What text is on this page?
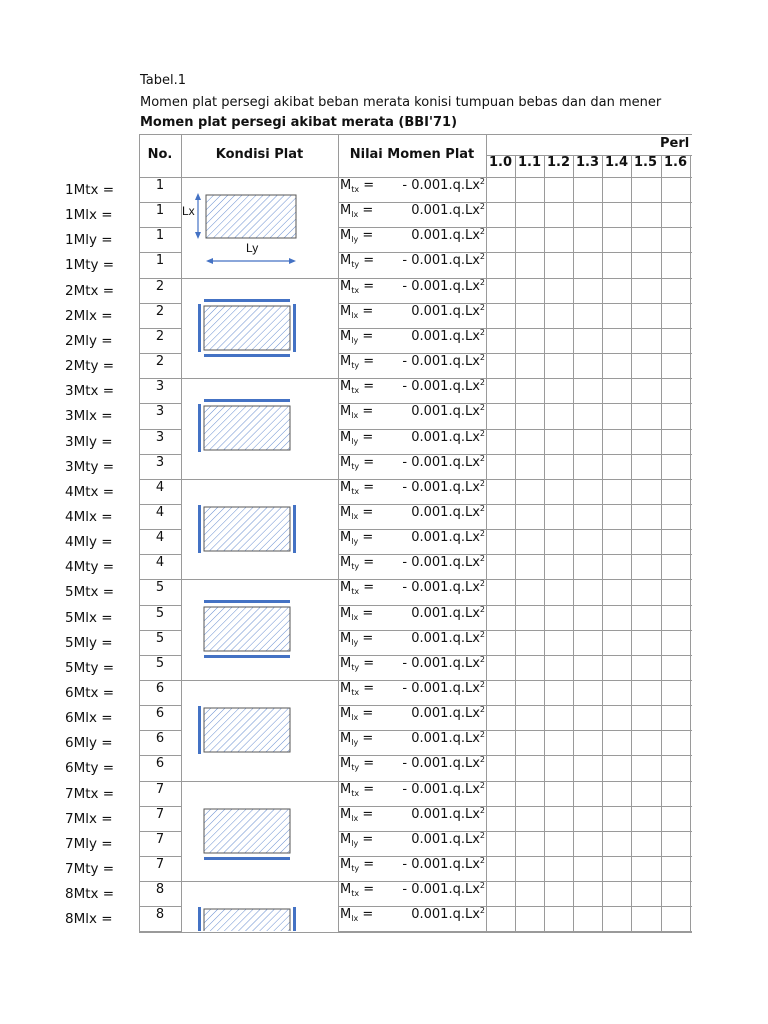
Tabel.1
Momen plat persegi akibat beban merata konisi tumpuan bebas dan dan mener
Momen plat persegi akibat merata (BBI'71)
No.	Kondisi Plat	Nilai Momen Plat
Perl
1.0 1.1 1.2 1.3 1.4 1.5 1.6
1	$M_{tx}$ = - 0.001.q.Lx$^2$
1	$M_{lx}$ =	$0.001.q.Lx^2$
1	$M_{ly}$ =	$0.001.q.Lx^2$
1	$M_{ty}$ = - 0.001.q.Lx$^2$
2	$M_{tx}$ = - 0.001.q.Lx$^2$
2	$M_{lx}$ =	$0.001.q.Lx^2$
2	$M_{ly}$ =	$0.001.q.Lx^2$
2	$M_{ty}$ = - 0.001.q.Lx$^2$
3	$M_{tx}$ = - 0.001.q.Lx$^2$
3	$M_{lx}$ =	$0.001.q.Lx^2$
3	$M_{ly}$ =	$0.001.q.Lx^2$
3	$M_{ty}$ = - 0.001.q.Lx$^2$
4	$M_{tx}$ = - 0.001.q.Lx$^2$
4	$M_{lx}$ =	$0.001.q.Lx^2$
4	$M_{ly}$ =	$0.001.q.Lx^2$
4	$M_{ty}$ = - 0.001.q.Lx$^2$
5	$M_{tx}$ = - 0.001.q.Lx$^2$
5	$M_{lx}$ =	$0.001.q.Lx^2$
5	$M_{ly}$ =	$0.001.q.Lx^2$
5	$M_{ty}$ = - 0.001.q.Lx$^2$
6	$M_{tx}$ = - 0.001.q.Lx$^2$
6	$M_{lx}$ =	$0.001.q.Lx^2$
6	$M_{ly}$ =	$0.001.q.Lx^2$
6	$M_{ty}$ = - 0.001.q.Lx$^2$
7	$M_{tx}$ = - 0.001.q.Lx$^2$
7	$M_{lx}$ =	$0.001.q.Lx^2$
7	$M_{ly}$ =	$0.001.q.Lx^2$
7	$M_{ty}$ = - 0.001.q.Lx$^2$
8	$M_{tx}$ = - 0.001.q.Lx$^2$
8	$M_{lx}$ =	$0.001.q.Lx^2$
Lx
Ly
1Mtx =
1Mlx =
1Mly =
1Mty =
2Mtx =
2Mlx =
2Mly =
2Mty =
3Mtx =
3Mlx =
3Mly =
3Mty =
4Mtx =
4Mlx =
4Mly =
4Mty =
5Mtx =
5Mlx =
5Mly =
5Mty =
6Mtx =
6Mlx =
6Mly =
6Mty =
7Mtx =
7Mlx =
7Mly =
7Mty =
8Mtx =
8Mlx =
